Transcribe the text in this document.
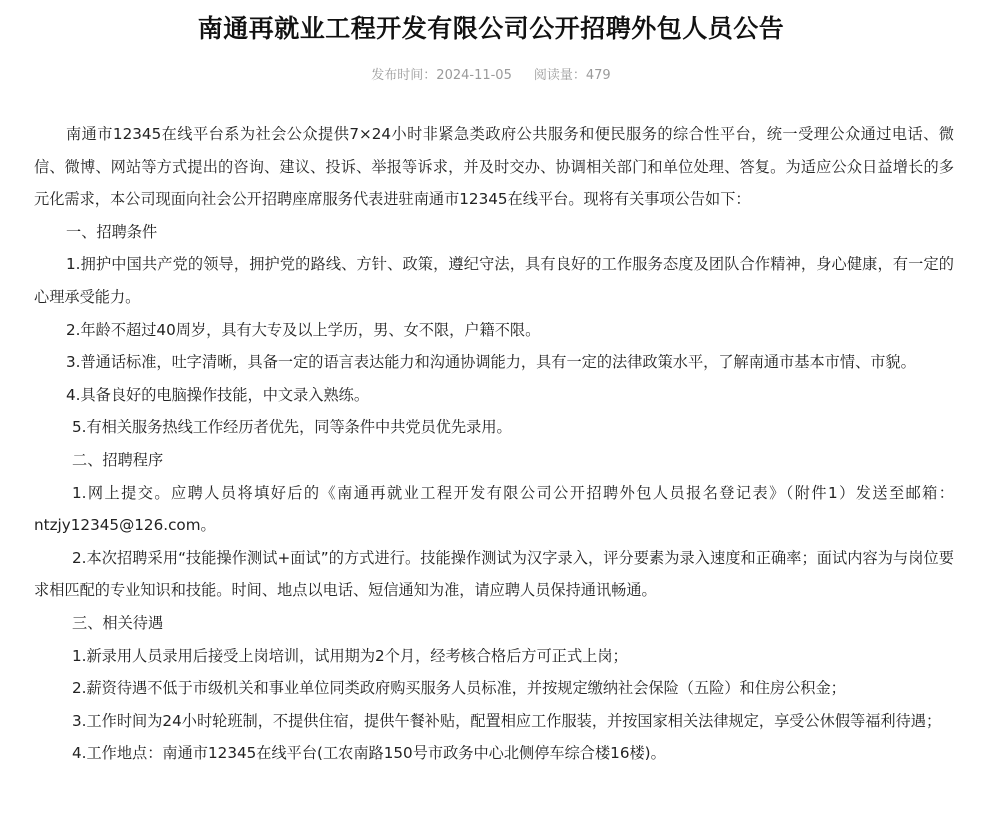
南通再就业工程开发有限公司公开招聘外包人员公告
发布时间：2024-11-05 阅读量：479

南通市12345在线平台系为社会公众提供7×24小时非紧急类政府公共服务和便民服务的综合性平台，统一受理公众通过电话、微信、微博、网站等方式提出的咨询、建议、投诉、举报等诉求，并及时交办、协调相关部门和单位处理、答复。为适应公众日益增长的多元化需求，本公司现面向社会公开招聘座席服务代表进驻南通市12345在线平台。现将有关事项公告如下：

一、招聘条件

1.拥护中国共产党的领导，拥护党的路线、方针、政策，遵纪守法，具有良好的工作服务态度及团队合作精神，身心健康，有一定的心理承受能力。

2.年龄不超过40周岁，具有大专及以上学历，男、女不限，户籍不限。

3.普通话标准，吐字清晰，具备一定的语言表达能力和沟通协调能力，具有一定的法律政策水平，了解南通市基本市情、市貌。

4.具备良好的电脑操作技能，中文录入熟练。

5.有相关服务热线工作经历者优先，同等条件中共党员优先录用。

二、招聘程序

1.网上提交。应聘人员将填好后的《南通再就业工程开发有限公司公开招聘外包人员报名登记表》（附件1）发送至邮箱：ntzjy12345@126.com。

2.本次招聘采用“技能操作测试+面试”的方式进行。技能操作测试为汉字录入，评分要素为录入速度和正确率；面试内容为与岗位要求相匹配的专业知识和技能。时间、地点以电话、短信通知为准，请应聘人员保持通讯畅通。

三、相关待遇

1.新录用人员录用后接受上岗培训，试用期为2个月，经考核合格后方可正式上岗；

2.薪资待遇不低于市级机关和事业单位同类政府购买服务人员标准，并按规定缴纳社会保险（五险）和住房公积金；

3.工作时间为24小时轮班制，不提供住宿，提供午餐补贴，配置相应工作服装，并按国家相关法律规定，享受公休假等福利待遇；

4.工作地点：南通市12345在线平台(工农南路150号市政务中心北侧停车综合楼16楼)。
